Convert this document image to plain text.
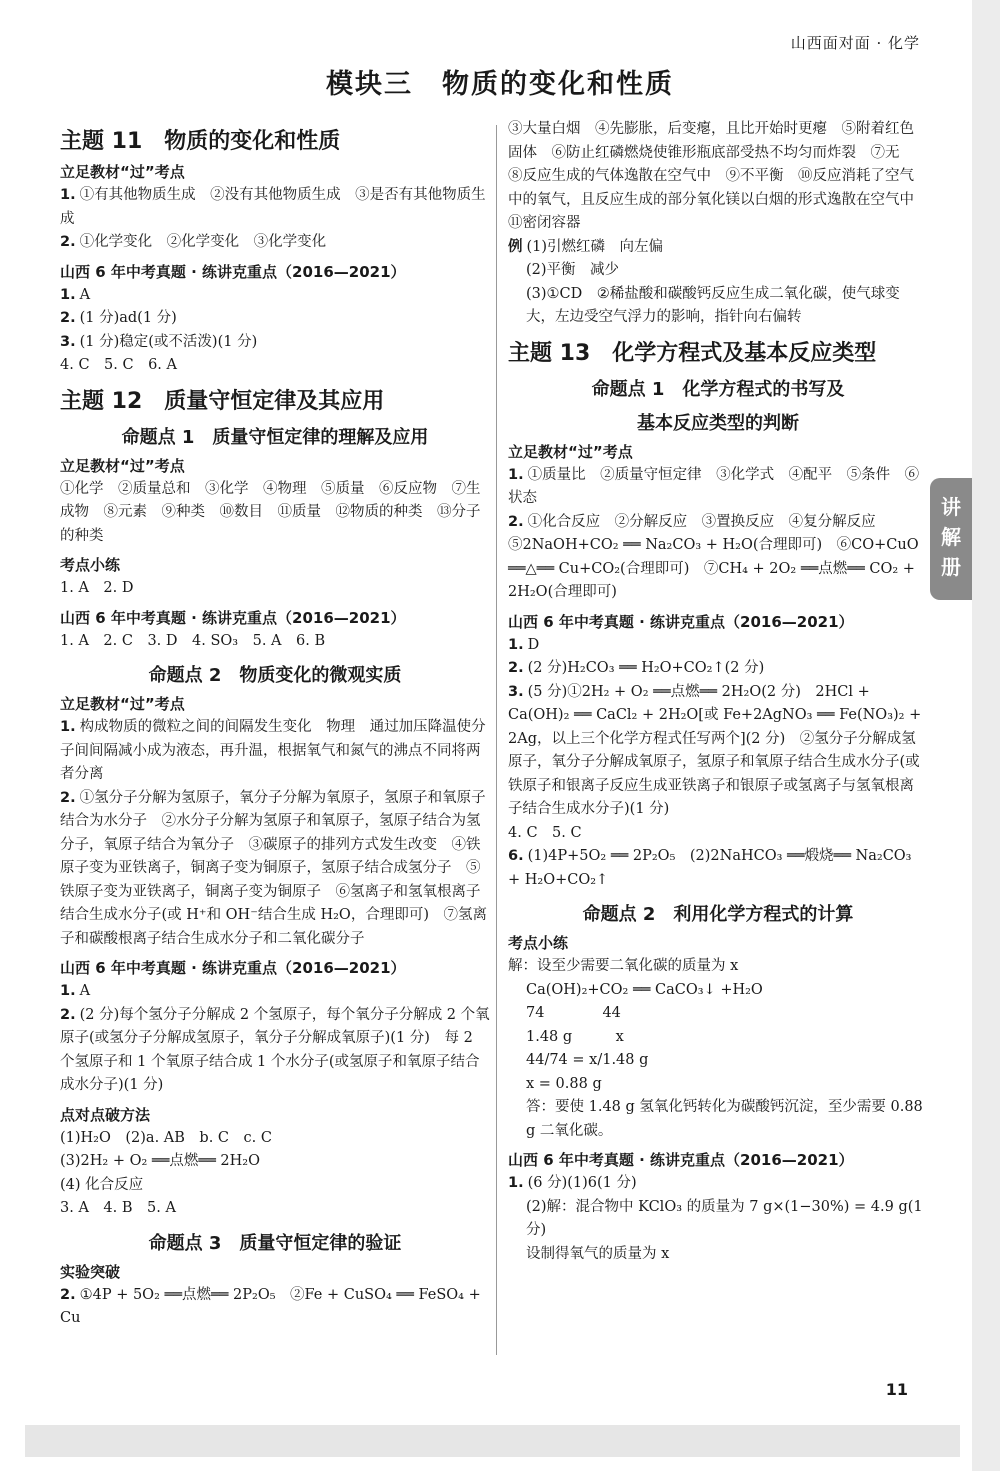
山西面对面 · 化学
模块三　物质的变化和性质
主题 11　物质的变化和性质
立足教材“过”考点

1. ①有其他物质生成　②没有其他物质生成　③是否有其他物质生成

2. ①化学变化　②化学变化　③化学变化

山西 6 年中考真题 · 练讲克重点（2016—2021）

1. A

2. (1 分)ad(1 分)

3. (1 分)稳定(或不活泼)(1 分)

4. C　5. C　6. A

主题 12　质量守恒定律及其应用
命题点 1　质量守恒定律的理解及应用
立足教材“过”考点

①化学　②质量总和　③化学　④物理　⑤质量　⑥反应物　⑦生成物　⑧元素　⑨种类　⑩数目　⑪质量　⑫物质的种类　⑬分子的种类

考点小练

1. A　2. D

山西 6 年中考真题 · 练讲克重点（2016—2021）

1. A　2. C　3. D　4. SO₃　5. A　6. B

命题点 2　物质变化的微观实质
立足教材“过”考点

1. 构成物质的微粒之间的间隔发生变化　物理　通过加压降温使分子间间隔减小成为液态，再升温，根据氧气和氮气的沸点不同将两者分离

2. ①氢分子分解为氢原子，氧分子分解为氧原子，氢原子和氧原子结合为水分子　②水分子分解为氢原子和氧原子，氢原子结合为氢分子，氧原子结合为氧分子　③碳原子的排列方式发生改变　④铁原子变为亚铁离子，铜离子变为铜原子，氢原子结合成氢分子　⑤铁原子变为亚铁离子，铜离子变为铜原子　⑥氢离子和氢氧根离子结合生成水分子(或 H⁺和 OH⁻结合生成 H₂O，合理即可)　⑦氢离子和碳酸根离子结合生成水分子和二氧化碳分子

山西 6 年中考真题 · 练讲克重点（2016—2021）

1. A

2. (2 分)每个氢分子分解成 2 个氢原子，每个氧分子分解成 2 个氧原子(或氢分子分解成氢原子，氧分子分解成氧原子)(1 分)　每 2 个氢原子和 1 个氧原子结合成 1 个水分子(或氢原子和氧原子结合成水分子)(1 分)

点对点破方法

(1)H₂O　(2)a. AB　b. C　c. C

(3)2H₂ + O₂ ══点燃══ 2H₂O

(4) 化合反应

3. A　4. B　5. A

命题点 3　质量守恒定律的验证
实验突破

2. ①4P + 5O₂ ══点燃══ 2P₂O₅　②Fe + CuSO₄ ══ FeSO₄ + Cu

③大量白烟　④先膨胀，后变瘪，且比开始时更瘪　⑤附着红色固体　⑥防止红磷燃烧使锥形瓶底部受热不均匀而炸裂　⑦无　⑧反应生成的气体逸散在空气中　⑨不平衡　⑩反应消耗了空气中的氧气，且反应生成的部分氧化镁以白烟的形式逸散在空气中　⑪密闭容器

例 (1)引燃红磷　向左偏

(2)平衡　减少

(3)①CD　②稀盐酸和碳酸钙反应生成二氧化碳，使气球变大，左边受空气浮力的影响，指针向右偏转

主题 13　化学方程式及基本反应类型
命题点 1　化学方程式的书写及
基本反应类型的判断
立足教材“过”考点

1. ①质量比　②质量守恒定律　③化学式　④配平　⑤条件　⑥状态

2. ①化合反应　②分解反应　③置换反应　④复分解反应　⑤2NaOH+CO₂ ══ Na₂CO₃ + H₂O(合理即可)　⑥CO+CuO ══△══ Cu+CO₂(合理即可)　⑦CH₄ + 2O₂ ══点燃══ CO₂ + 2H₂O(合理即可)

山西 6 年中考真题 · 练讲克重点（2016—2021）

1. D

2. (2 分)H₂CO₃ ══ H₂O+CO₂↑(2 分)

3. (5 分)①2H₂ + O₂ ══点燃══ 2H₂O(2 分)　2HCl + Ca(OH)₂ ══ CaCl₂ + 2H₂O[或 Fe+2AgNO₃ ══ Fe(NO₃)₂ + 2Ag，以上三个化学方程式任写两个](2 分)　②氢分子分解成氢原子，氧分子分解成氧原子，氢原子和氧原子结合生成水分子(或铁原子和银离子反应生成亚铁离子和银原子或氢离子与氢氧根离子结合生成水分子)(1 分)

4. C　5. C

6. (1)4P+5O₂ ══ 2P₂O₅　(2)2NaHCO₃ ══煅烧══ Na₂CO₃ + H₂O+CO₂↑

命题点 2　利用化学方程式的计算
考点小练

解：设至少需要二氧化碳的质量为 x

Ca(OH)₂+CO₂ ══ CaCO₃↓ +H₂O

74　　　　44

1.48 g　　　x

44/74 = x/1.48 g

x = 0.88 g

答：要使 1.48 g 氢氧化钙转化为碳酸钙沉淀，至少需要 0.88 g 二氧化碳。

山西 6 年中考真题 · 练讲克重点（2016—2021）

1. (6 分)(1)6(1 分)

(2)解：混合物中 KClO₃ 的质量为 7 g×(1−30%) = 4.9 g(1 分)

设制得氧气的质量为 x

讲
解
册
11
